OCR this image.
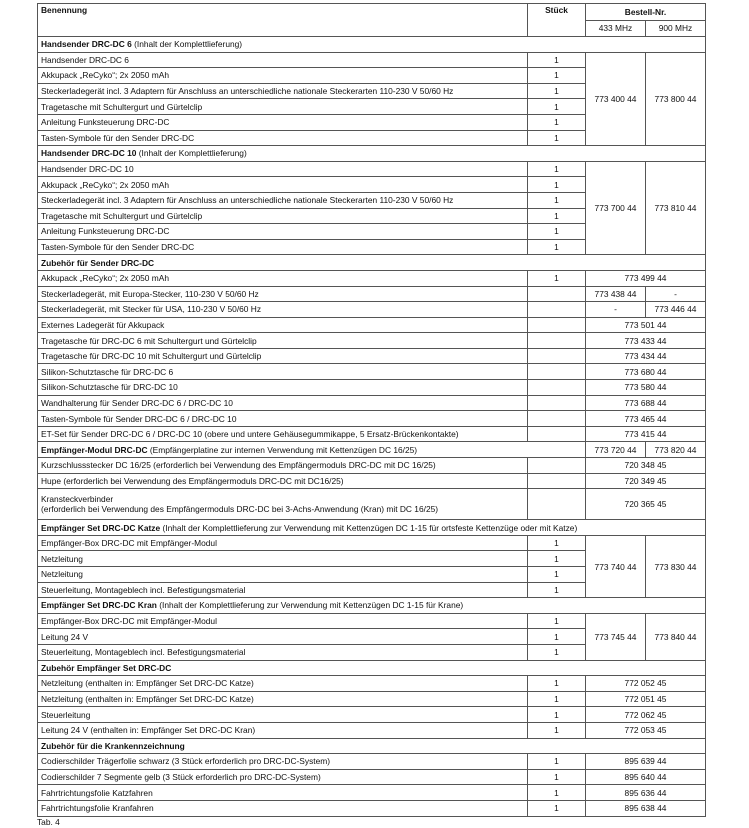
Benennung	Stück	Bestell-Nr.	
		433 MHz	900 MHz
Handsender DRC-DC 6 (Inhalt der Komplettlieferung)			
Handsender DRC-DC 6	1	773 400 44	773 800 44
Akkupack „ReCyko“; 2x 2050 mAh	1		
Steckerladegerät incl. 3 Adaptern für Anschluss an unterschiedliche nationale Steckerarten 110-230 V 50/60 Hz	1		
Tragetasche mit Schultergurt und Gürtelclip	1		
Anleitung Funksteuerung DRC-DC	1		
Tasten-Symbole für den Sender DRC-DC	1		
Handsender DRC-DC 10 (Inhalt der Komplettlieferung)			
Handsender DRC-DC 10	1	773 700 44	773 810 44
Akkupack „ReCyko“; 2x 2050 mAh	1		
Steckerladegerät incl. 3 Adaptern für Anschluss an unterschiedliche nationale Steckerarten 110-230 V 50/60 Hz	1		
Tragetasche mit Schultergurt und Gürtelclip	1		
Anleitung Funksteuerung DRC-DC	1		
Tasten-Symbole für den Sender DRC-DC	1		
Zubehör für Sender DRC-DC			
Akkupack „ReCyko“; 2x 2050 mAh	1	773 499 44	
Steckerladegerät, mit Europa-Stecker, 110-230 V 50/60 Hz		773 438 44	-
Steckerladegerät, mit Stecker für USA, 110-230 V 50/60 Hz		-	773 446 44
Externes Ladegerät für Akkupack		773 501 44	
Tragetasche für DRC-DC 6 mit Schultergurt und Gürtelclip		773 433 44	
Tragetasche für DRC-DC 10 mit Schultergurt und Gürtelclip		773 434 44	
Silikon-Schutztasche für DRC-DC 6		773 680 44	
Silikon-Schutztasche für DRC-DC 10		773 580 44	
Wandhalterung für Sender DRC-DC 6 / DRC-DC 10		773 688 44	
Tasten-Symbole für Sender DRC-DC 6 / DRC-DC 10		773 465 44	
ET-Set für Sender DRC-DC 6 / DRC-DC 10 (obere und untere Gehäusegummikappe, 5 Ersatz-Brückenkontakte)		773 415 44	
Empfänger-Modul DRC-DC (Empfängerplatine zur internen Verwendung mit Kettenzügen DC 16/25)		773 720 44	773 820 44
Kurzschlussstecker DC 16/25 (erforderlich bei Verwendung des Empfängermoduls DRC-DC mit DC 16/25)		720 348 45	
Hupe (erforderlich bei Verwendung des Empfängermoduls DRC-DC mit DC16/25)		720 349 45	
Kransteckverbinder
(erforderlich bei Verwendung des Empfängermoduls DRC-DC bei 3-Achs-Anwendung (Kran) mit DC 16/25)		720 365 45	
Empfänger Set DRC-DC Katze (Inhalt der Komplettlieferung zur Verwendung mit Kettenzügen DC 1-15 für ortsfeste Kettenzüge oder mit Katze)			
Empfänger-Box DRC-DC mit Empfänger-Modul	1	773 740 44	773 830 44
Netzleitung	1		
Netzleitung	1		
Steuerleitung, Montageblech incl. Befestigungsmaterial	1		
Empfänger Set DRC-DC Kran (Inhalt der Komplettlieferung zur Verwendung mit Kettenzügen DC 1-15 für Krane)			
Empfänger-Box DRC-DC mit Empfänger-Modul	1	773 745 44	773 840 44
Leitung 24 V	1		
Steuerleitung, Montageblech incl. Befestigungsmaterial	1		
Zubehör Empfänger Set DRC-DC			
Netzleitung (enthalten in: Empfänger Set DRC-DC Katze)	1	772 052 45	
Netzleitung (enthalten in: Empfänger Set DRC-DC Katze)	1	772 051 45	
Steuerleitung	1	772 062 45	
Leitung 24 V (enthalten in: Empfänger Set DRC-DC Kran)	1	772 053 45	
Zubehör für die Krankennzeichnung			
Codierschilder Trägerfolie schwarz (3 Stück erforderlich pro DRC-DC-System)	1	895 639 44	
Codierschilder 7 Segmente gelb (3 Stück erforderlich pro DRC-DC-System)	1	895 640 44	
Fahrtrichtungsfolie Katzfahren	1	895 636 44	
Fahrtrichtungsfolie Kranfahren	1	895 638 44	
Tab. 4
